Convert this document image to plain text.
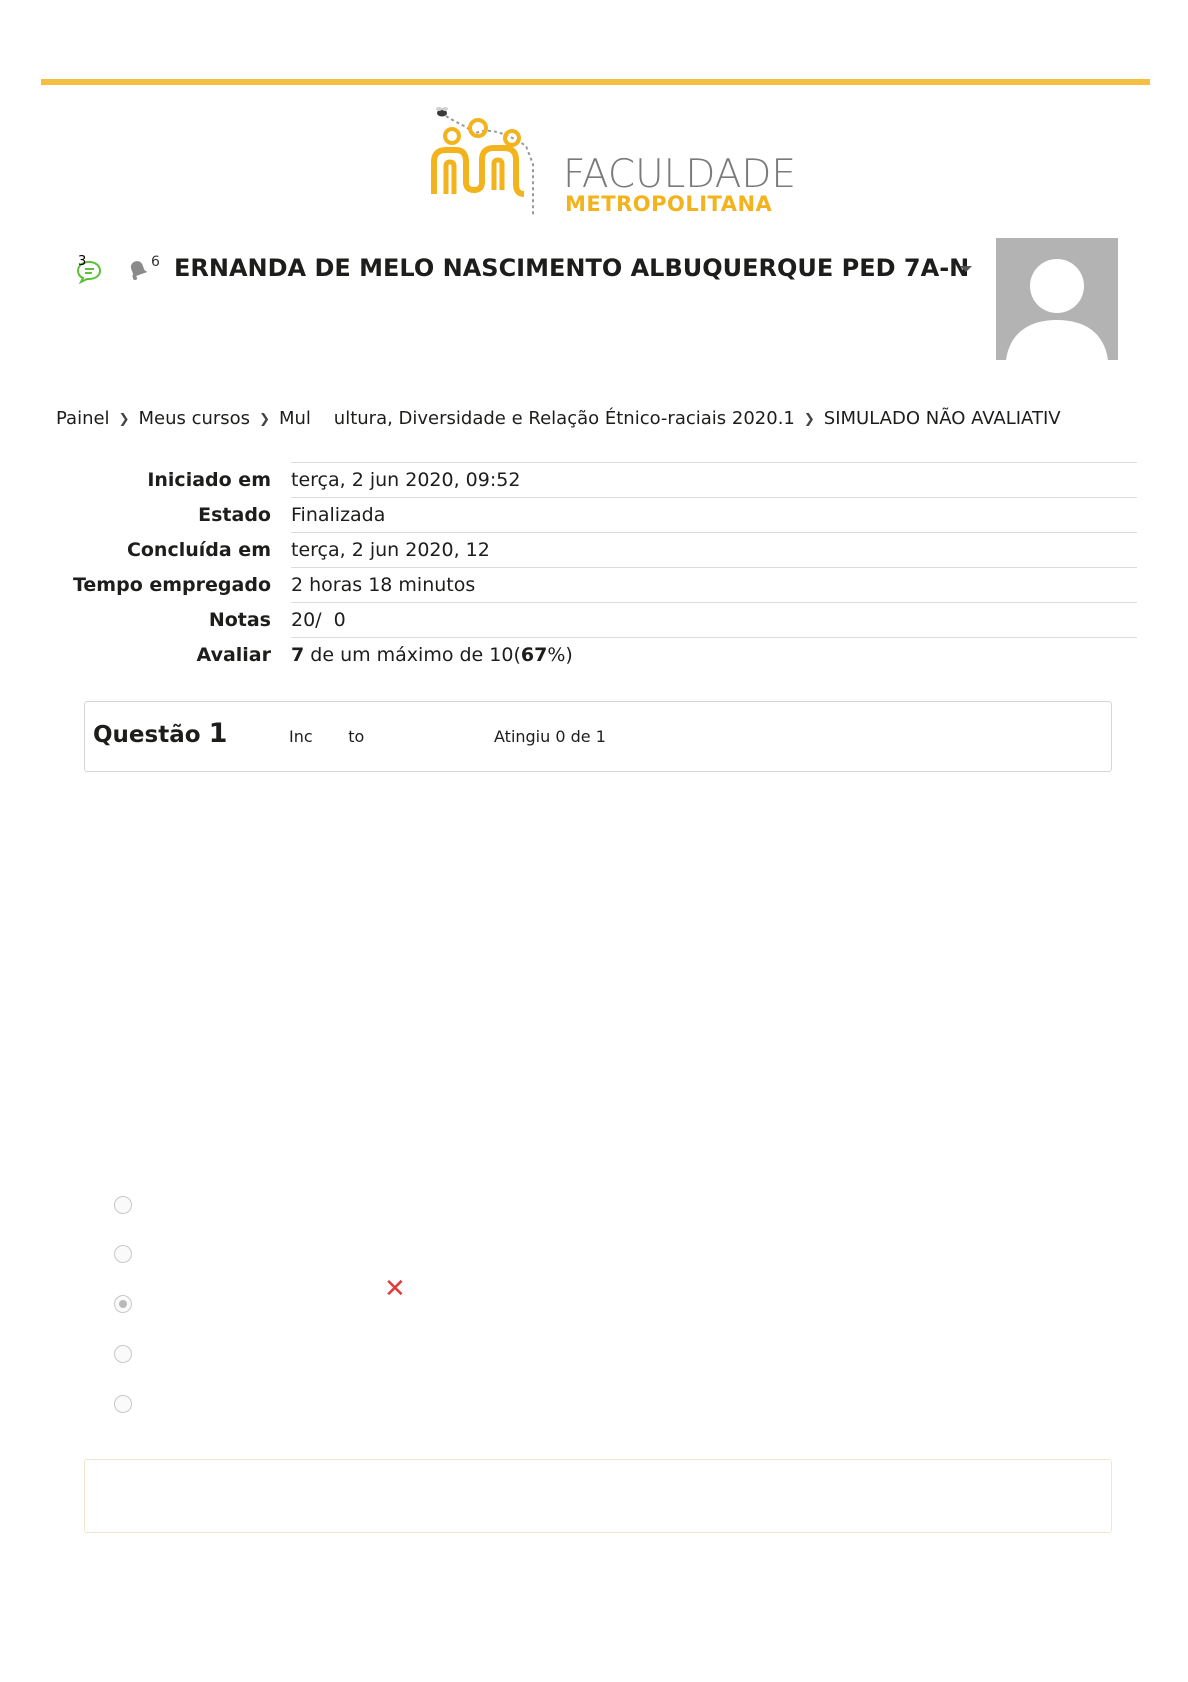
FACULDADE
METROPOLITANA
3	6 ERNANDA DE MELO NASCIMENTO ALBUQUERQUE PED 7A-N
Painel ❯ Meus cursos ❯ Mul    ultura, Diversidade e Relação Étnico-raciais 2020.1 ❯ SIMULADO NÃO AVALIATIV
Iniciado em	terça, 2 jun 2020, 09:52
Estado	Finalizada
Concluída em	terça, 2 jun 2020, 12
Tempo empregado	2 horas 18 minutos
Notas	20/  0
Avaliar	7 de um máximo de 10(67%)
Questão 1	Inc       to	Atingiu 0 de 1
✕
